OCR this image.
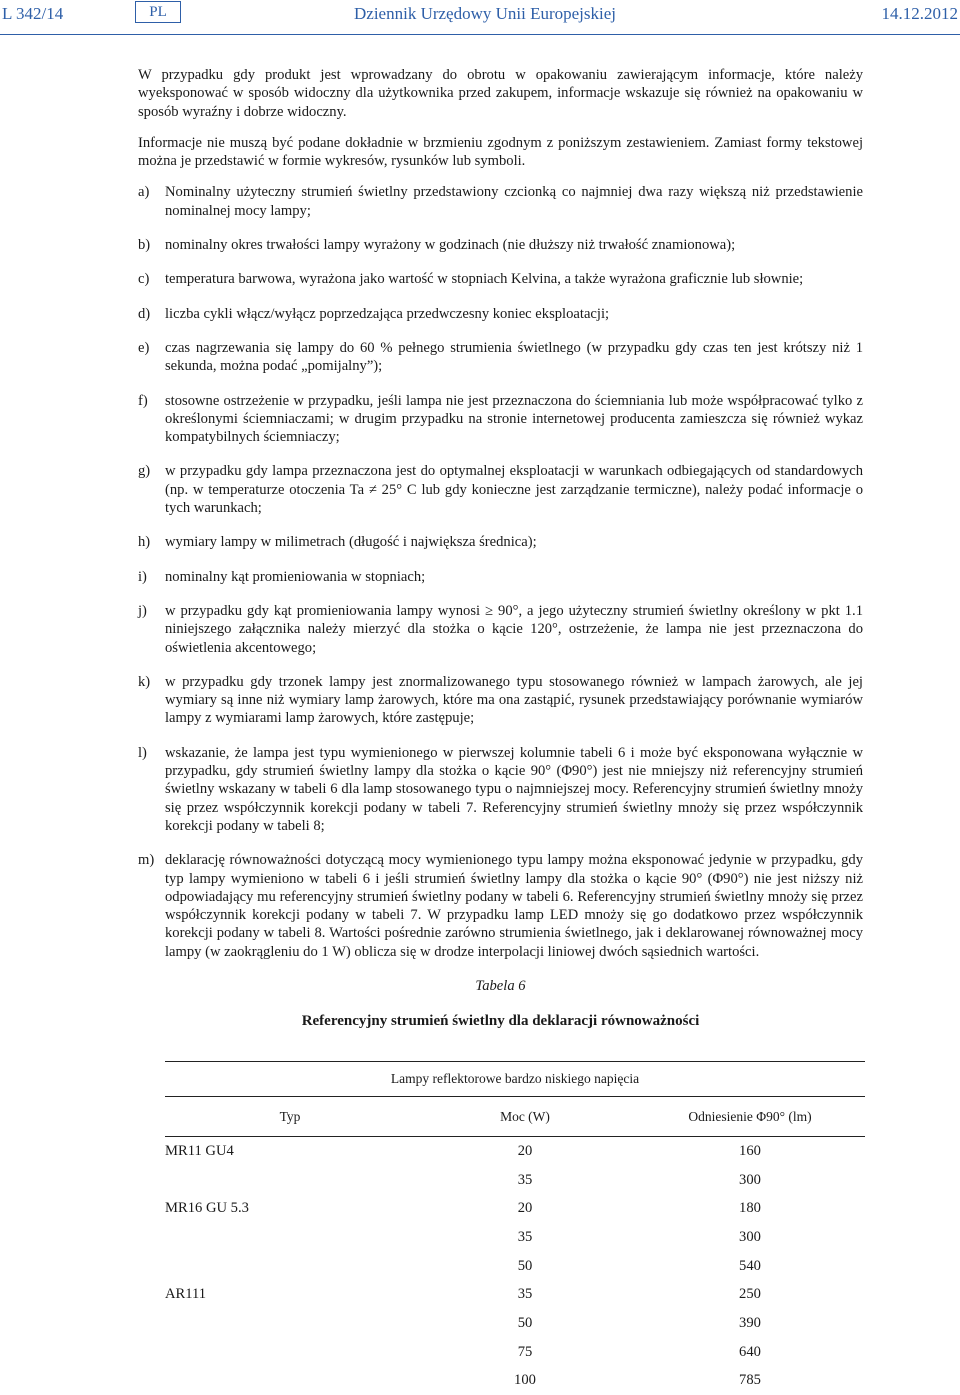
L 342/14	PL	Dziennik Urzędowy Unii Europejskiej	14.12.2012

W przypadku gdy produkt jest wprowadzany do obrotu w opakowaniu zawierającym informacje, które należy wyeksponować w sposób widoczny dla użytkownika przed zakupem, informacje wskazuje się również na opakowaniu w sposób wyraźny i dobrze widoczny.

Informacje nie muszą być podane dokładnie w brzmieniu zgodnym z poniższym zestawieniem. Zamiast formy tekstowej można je przedstawić w formie wykresów, rysunków lub symboli.

a) Nominalny użyteczny strumień świetlny przedstawiony czcionką co najmniej dwa razy większą niż przedstawienie nominalnej mocy lampy;
b) nominalny okres trwałości lampy wyrażony w godzinach (nie dłuższy niż trwałość znamionowa);
c) temperatura barwowa, wyrażona jako wartość w stopniach Kelvina, a także wyrażona graficznie lub słownie;
d) liczba cykli włącz/wyłącz poprzedzająca przedwczesny koniec eksploatacji;
e) czas nagrzewania się lampy do 60 % pełnego strumienia świetlnego (w przypadku gdy czas ten jest krótszy niż 1 sekunda, można podać „pomijalny”);
f) stosowne ostrzeżenie w przypadku, jeśli lampa nie jest przeznaczona do ściemniania lub może współpracować tylko z określonymi ściemniaczami; w drugim przypadku na stronie internetowej producenta zamieszcza się również wykaz kompatybilnych ściemniaczy;
g) w przypadku gdy lampa przeznaczona jest do optymalnej eksploatacji w warunkach odbiegających od standardowych (np. w temperaturze otoczenia Ta ≠ 25° C lub gdy konieczne jest zarządzanie termiczne), należy podać informacje o tych warunkach;
h) wymiary lampy w milimetrach (długość i największa średnica);
i) nominalny kąt promieniowania w stopniach;
j) w przypadku gdy kąt promieniowania lampy wynosi ≥ 90°, a jego użyteczny strumień świetlny określony w pkt 1.1 niniejszego załącznika należy mierzyć dla stożka o kącie 120°, ostrzeżenie, że lampa nie jest przeznaczona do oświetlenia akcentowego;
k) w przypadku gdy trzonek lampy jest znormalizowanego typu stosowanego również w lampach żarowych, ale jej wymiary są inne niż wymiary lamp żarowych, które ma ona zastąpić, rysunek przedstawiający porównanie wymiarów lampy z wymiarami lamp żarowych, które zastępuje;
l) wskazanie, że lampa jest typu wymienionego w pierwszej kolumnie tabeli 6 i może być eksponowana wyłącznie w przypadku, gdy strumień świetlny lampy dla stożka o kącie 90° (Φ90°) jest nie mniejszy niż referencyjny strumień świetlny wskazany w tabeli 6 dla lamp stosowanego typu o najmniejszej mocy. Referencyjny strumień świetlny mnoży się przez współczynnik korekcji podany w tabeli 7. Referencyjny strumień świetlny mnoży się przez współczynnik korekcji podany w tabeli 8;
m) deklarację równoważności dotyczącą mocy wymienionego typu lampy można eksponować jedynie w przypadku, gdy typ lampy wymieniono w tabeli 6 i jeśli strumień świetlny lampy dla stożka o kącie 90° (Φ90°) nie jest niższy niż odpowiadający mu referencyjny strumień świetlny podany w tabeli 6. Referencyjny strumień świetlny mnoży się przez współczynnik korekcji podany w tabeli 7. W przypadku lamp LED mnoży się go dodatkowo przez współczynnik korekcji podany w tabeli 8. Wartości pośrednie zarówno strumienia świetlnego, jak i deklarowanej równoważnej mocy lampy (w zaokrągleniu do 1 W) oblicza się w drodze interpolacji liniowej dwóch sąsiednich wartości.
Tabela 6
Referencyjny strumień świetlny dla deklaracji równoważności
Lampy reflektorowe bardzo niskiego napięcia		
Typ	Moc (W)	Odniesienie Φ90° (lm)
MR11 GU4	20	160
	35	300
MR16 GU 5.3	20	180
	35	300
	50	540
AR111	35	250
	50	390
	75	640
	100	785
